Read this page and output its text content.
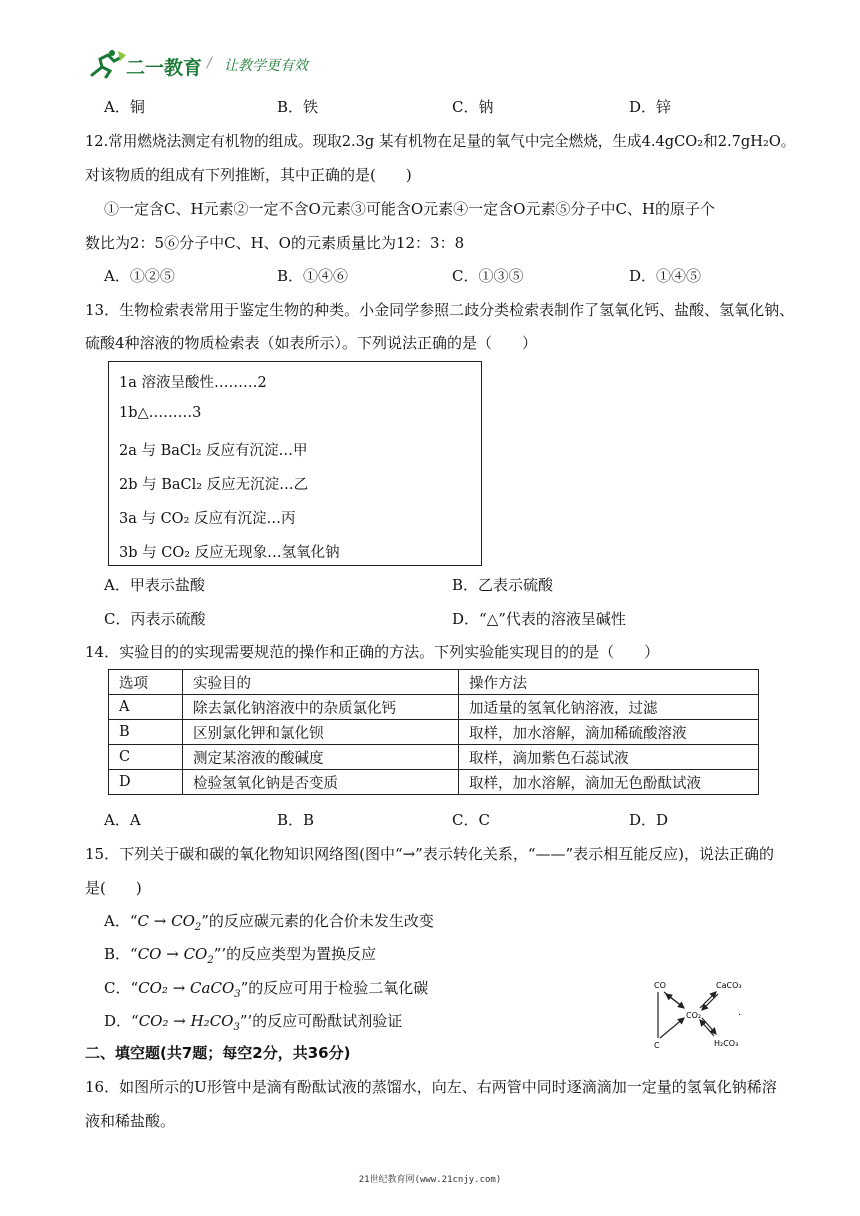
二一教育 / 让教学更有效
A．铜	B．铁	C．钠	D．锌
12.常用燃烧法测定有机物的组成。现取2.3g 某有机物在足量的氧气中完全燃烧，生成4.4gCO₂和2.7gH₂O。
对该物质的组成有下列推断，其中正确的是(　　)
①一定含C、H元素②一定不含O元素③可能含O元素④一定含O元素⑤分子中C、H的原子个
数比为2：5⑥分子中C、H、O的元素质量比为12：3：8
A．①②⑤	B．①④⑥	C．①③⑤	D．①④⑤
13．生物检索表常用于鉴定生物的种类。小金同学参照二歧分类检索表制作了氢氧化钙、盐酸、氢氧化钠、
硫酸4种溶液的物质检索表（如表所示）。下列说法正确的是（　　）
1a 溶液呈酸性………2
1b△………3
2a 与 BaCl₂ 反应有沉淀…甲
2b 与 BaCl₂ 反应无沉淀…乙
3a 与 CO₂ 反应有沉淀…丙
3b 与 CO₂ 反应无现象…氢氧化钠
A．甲表示盐酸	B．乙表示硫酸
C．丙表示硫酸	D．“△”代表的溶液呈碱性
14．实验目的的实现需要规范的操作和正确的方法。下列实验能实现目的的是（　　）
选项	实验目的	操作方法
A	除去氯化钠溶液中的杂质氯化钙	加适量的氢氧化钠溶液，过滤
B	区别氯化钾和氯化钡	取样，加水溶解，滴加稀硫酸溶液
C	测定某溶液的酸碱度	取样，滴加紫色石蕊试液
D	检验氢氧化钠是否变质	取样，加水溶解，滴加无色酚酞试液
A．A	B．B	C．C	D．D
15．下列关于碳和碳的氧化物知识网络图(图中“→”表示转化关系，“——”表示相互能反应)，说法正确的
是(　　)
A．“$C \to CO_2$”的反应碳元素的化合价未发生改变
B．“CO → $CO_2$”’的反应类型为置换反应
C．“CO₂ → CaCO$_3$”的反应可用于检验二氧化碳
D．“$CO_2 \to H_2CO_3$”’的反应可酚酞试剂验证
CO	CaCO₃
CO₂
C	H₂CO₃
·
二、填空题(共7题；每空2分，共36分)
16．如图所示的U形管中是滴有酚酞试液的蒸馏水，向左、右两管中同时逐滴滴加一定量的氢氧化钠稀溶
液和稀盐酸。
21世纪教育网(www.21cnjy.com)
